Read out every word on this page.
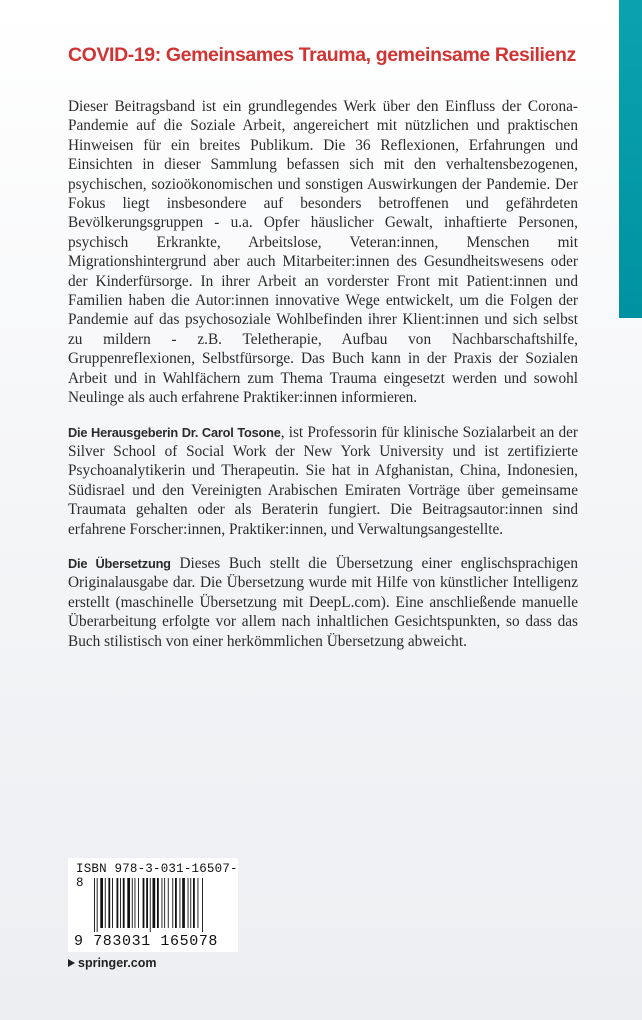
COVID-19: Gemeinsames Trauma, gemeinsame Resilienz

Dieser Beitragsband ist ein grundlegendes Werk über den Einfluss der Corona-Pandemie auf die Soziale Arbeit, angereichert mit nützlichen und praktischen Hinweisen für ein breites Publikum. Die 36 Reflexionen, Erfahrungen und Einsichten in dieser Sammlung befassen sich mit den verhaltensbezogenen, psychischen, sozioökonomischen und sonstigen Auswirkungen der Pandemie. Der Fokus liegt insbesondere auf besonders betroffenen und gefährdeten Bevölkerungsgruppen - u.a. Opfer häuslicher Gewalt, inhaftierte Personen, psychisch Erkrankte, Arbeitslose, Veteran:innen, Menschen mit Migrationshintergrund aber auch Mitarbeiter:innen des Gesundheitswesens oder der Kinderfürsorge. In ihrer Arbeit an vorderster Front mit Patient:innen und Familien haben die Autor:innen innovative Wege entwickelt, um die Folgen der Pandemie auf das psychosoziale Wohlbefinden ihrer Klient:innen und sich selbst zu mildern - z.B. Teletherapie, Aufbau von Nachbarschaftshilfe, Gruppenreflexionen, Selbstfürsorge. Das Buch kann in der Praxis der Sozialen Arbeit und in Wahlfächern zum Thema Trauma eingesetzt werden und sowohl Neulinge als auch erfahrene Praktiker:innen informieren.

Die Herausgeberin Dr. Carol Tosone, ist Professorin für klinische Sozialarbeit an der Silver School of Social Work der New York University und ist zertifizierte Psychoanalytikerin und Therapeutin. Sie hat in Afghanistan, China, Indonesien, Südisrael und den Vereinigten Arabischen Emiraten Vorträge über gemeinsame Traumata gehalten oder als Beraterin fungiert. Die Beitragsautor:innen sind erfahrene Forscher:innen, Praktiker:innen, und Verwaltungsangestellte.

Die Übersetzung Dieses Buch stellt die Übersetzung einer englischsprachigen Originalausgabe dar. Die Übersetzung wurde mit Hilfe von künstlicher Intelligenz erstellt (maschinelle Übersetzung mit DeepL.com). Eine anschließende manuelle Überarbeitung erfolgte vor allem nach inhaltlichen Gesichtspunkten, so dass das Buch stilistisch von einer herkömmlichen Übersetzung abweicht.

ISBN 978-3-031-16507-8
9 783031 165078
springer.com
